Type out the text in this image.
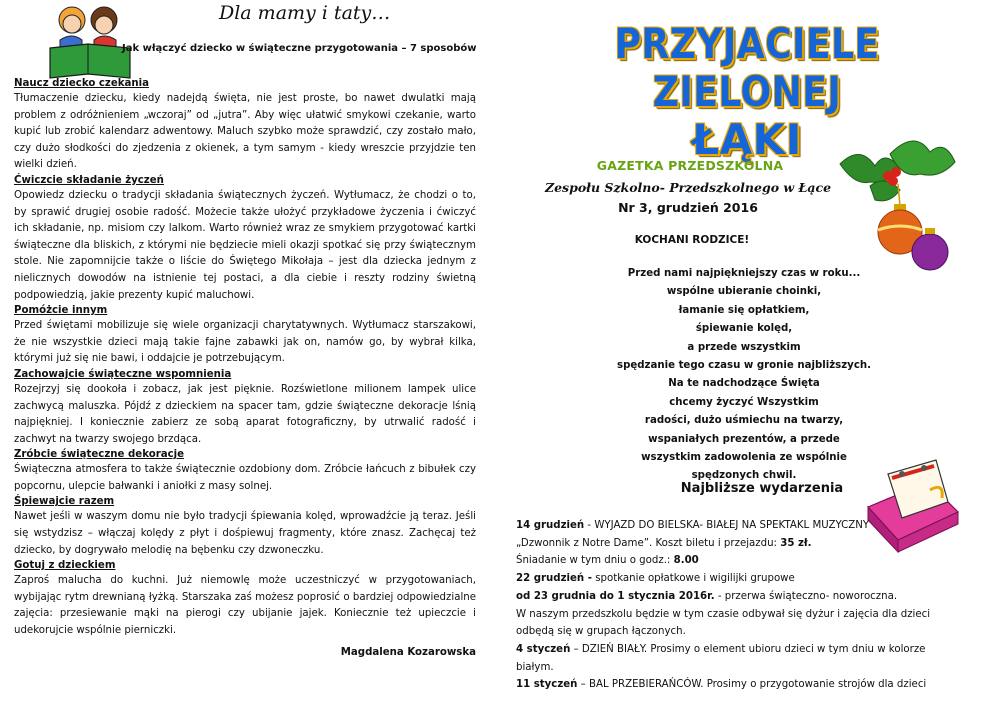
Dla mamy i taty…
Jak włączyć dziecko w świąteczne przygotowania – 7 sposobów

Naucz dziecko czekania

Tłumaczenie dziecku, kiedy nadejdą święta, nie jest proste, bo nawet dwulatki mają problem z odróżnieniem „wczoraj” od „jutra”. Aby więc ułatwić smykowi czekanie, warto kupić lub zrobić kalendarz adwentowy. Maluch szybko może sprawdzić, czy zostało mało, czy dużo słodkości do zjedzenia z okienek, a tym samym - kiedy wreszcie przyjdzie ten wielki dzień.

Ćwiczcie składanie życzeń

Opowiedz dziecku o tradycji składania świątecznych życzeń. Wytłumacz, że chodzi o to, by sprawić drugiej osobie radość. Możecie także ułożyć przykładowe życzenia i ćwiczyć ich składanie, np. misiom czy lalkom. Warto również wraz ze smykiem przygotować kartki świąteczne dla bliskich, z którymi nie będziecie mieli okazji spotkać się przy świątecznym stole. Nie zapomnijcie także o liście do Świętego Mikołaja – jest dla dziecka jednym z nielicznych dowodów na istnienie tej postaci, a dla ciebie i reszty rodziny świetną podpowiedzią, jakie prezenty kupić maluchowi.

Pomóżcie innym

Przed świętami mobilizuje się wiele organizacji charytatywnych. Wytłumacz starszakowi, że nie wszystkie dzieci mają takie fajne zabawki jak on, namów go, by wybrał kilka, którymi już się nie bawi, i oddajcie je potrzebującym.

Zachowajcie świąteczne wspomnienia

Rozejrzyj się dookoła i zobacz, jak jest pięknie. Rozświetlone milionem lampek ulice zachwycą maluszka. Pójdź z dzieckiem na spacer tam, gdzie świąteczne dekoracje lśnią najpiękniej. I koniecznie zabierz ze sobą aparat fotograficzny, by utrwalić radość i zachwyt na twarzy swojego brzdąca.

Zróbcie świąteczne dekoracje

Świąteczna atmosfera to także świątecznie ozdobiony dom. Zróbcie łańcuch z bibułek czy popcornu, ulepcie bałwanki i aniołki z masy solnej.

Śpiewajcie razem

Nawet jeśli w waszym domu nie było tradycji śpiewania kolęd, wprowadźcie ją teraz. Jeśli się wstydzisz – włączaj kolędy z płyt i dośpiewuj fragmenty, które znasz. Zachęcaj też dziecko, by dogrywało melodię na bębenku czy dzwoneczku.

Gotuj z dzieckiem

Zaproś malucha do kuchni. Już niemowlę może uczestniczyć w przygotowaniach, wybijając rytm drewnianą łyżką. Starszaka zaś możesz poprosić o bardziej odpowiedzialne zajęcia: przesiewanie mąki na pierogi czy ubijanie jajek. Koniecznie też upieczcie i udekorujcie wspólnie pierniczki.

Magdalena Kozarowska
PRZYJACIELE ZIELONEJ
ŁĄKI
GAZETKA PRZEDSZKOLNA
Zespołu Szkolno- Przedszkolnego w Łące
Nr 3, grudzień 2016
KOCHANI RODZICE!
Przed nami najpiękniejszy czas w roku...
wspólne ubieranie choinki,
łamanie się opłatkiem,
śpiewanie kolęd,
a przede wszystkim
spędzanie tego czasu w gronie najbliższych.
Na te nadchodzące Święta
chcemy życzyć Wszystkim
radości, dużo uśmiechu na twarzy,
wspaniałych prezentów, a przede
wszystkim zadowolenia ze wspólnie
spędzonych chwil.
Najbliższe wydarzenia

14 grudzień - WYJAZD DO BIELSKA- BIAŁEJ NA SPEKTAKL MUZYCZNY

„Dzwonnik z Notre Dame”. Koszt biletu i przejazdu: 35 zł.

Śniadanie w tym dniu o godz.: 8.00

22 grudzień - spotkanie opłatkowe i wigilijki grupowe

od 23 grudnia do 1 stycznia 2016r. - przerwa świąteczno- noworoczna.

W naszym przedszkolu będzie w tym czasie odbywał się dyżur i zajęcia dla dzieci

odbędą się w grupach łączonych.

4 styczeń – DZIEŃ BIAŁY. Prosimy o element ubioru dzieci w tym dniu w kolorze

białym.

11 styczeń – BAL PRZEBIERAŃCÓW. Prosimy o przygotowanie strojów dla dzieci
